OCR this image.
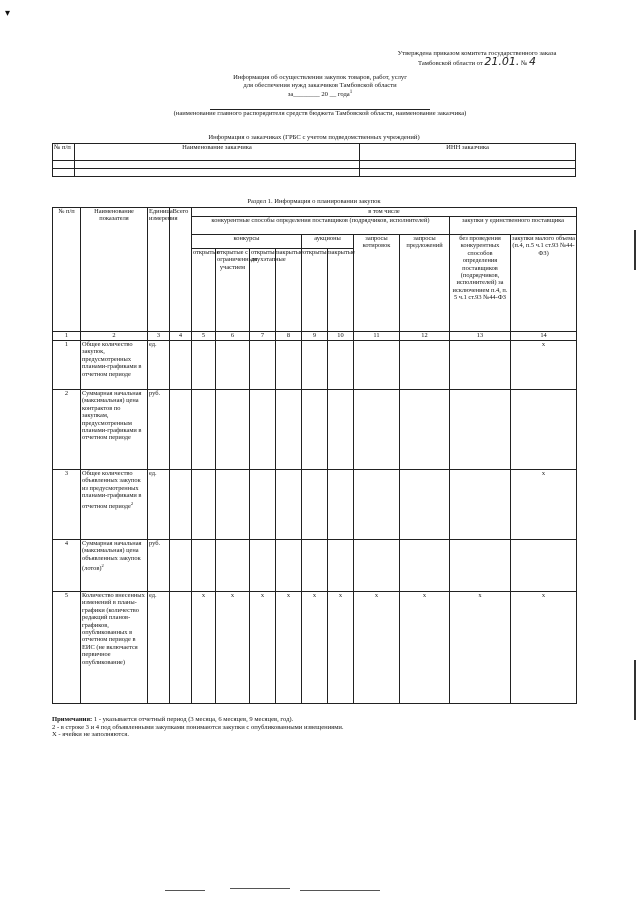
▾
Утверждена приказом комитета государственного заказа
Тамбовской области от 21.01. № 4
Информация об осуществлении закупок товаров, работ, услуг
для обеспечения нужд заказчиков Тамбовской области
за________ 20 __ года$^1$
(наименование главного распорядителя средств бюджета Тамбовской области, наименование заказчика)
Информация о заказчиках (ГРБС с учетом подведомственных учреждений)
№ п/п	Наименование заказчика	ИНН заказчика

Раздел 1. Информация о планировании закупок
№ п/п	Наименование показателя	Единица измерения	Всего	в том числе									
				конкурентные способы определения поставщиков (подрядчиков, исполнителей)								закупки у единственного поставщика	
				конкурсы				аукционы		запросы котировок	запросы предложений	без проведения конкурентных способов определения поставщиков (подрядчиков, исполнителей) за исключением п.4, п. 5 ч.1 ст.93 №44-ФЗ	закупки малого объема (п.4, п.5 ч.1 ст.93 №44-ФЗ)
				открытые	открытые с ограниченным участием	открытые двухэтапные	закрытые	открытые	закрытые				
1	2	3	4	5	6	7	8	9	10	11	12	13	14
1	Общее количество закупок, предусмотренных планами-графиками в отчетном периоде	ед.											x
2	Суммарная начальная (максимальная) цена контрактов по закупкам, предусмотренным планами-графиками в отчетном периоде	руб.											
3	Общее количество объявленных закупок из предусмотренных планами-графиками в отчетном периоде$^2$	ед.											x
4	Суммарная начальная (максимальная) цена объявленных закупок (лотов)$^2$	руб.											
5	Количество внесенных изменений в планы-графики (количество редакций планов-графиков, опубликованных в отчетном периоде в ЕИС (не включается первичное опубликование)	ед.		x	x	x	x	x	x	x	x	x	x
Примечания: 1 - указывается отчетный период (3 месяца, 6 месяцев, 9 месяцев, год).
2 - в строке 3 и 4 под объявленными закупками понимаются закупки с опубликованными извещениями.
X - ячейки не заполняются.
